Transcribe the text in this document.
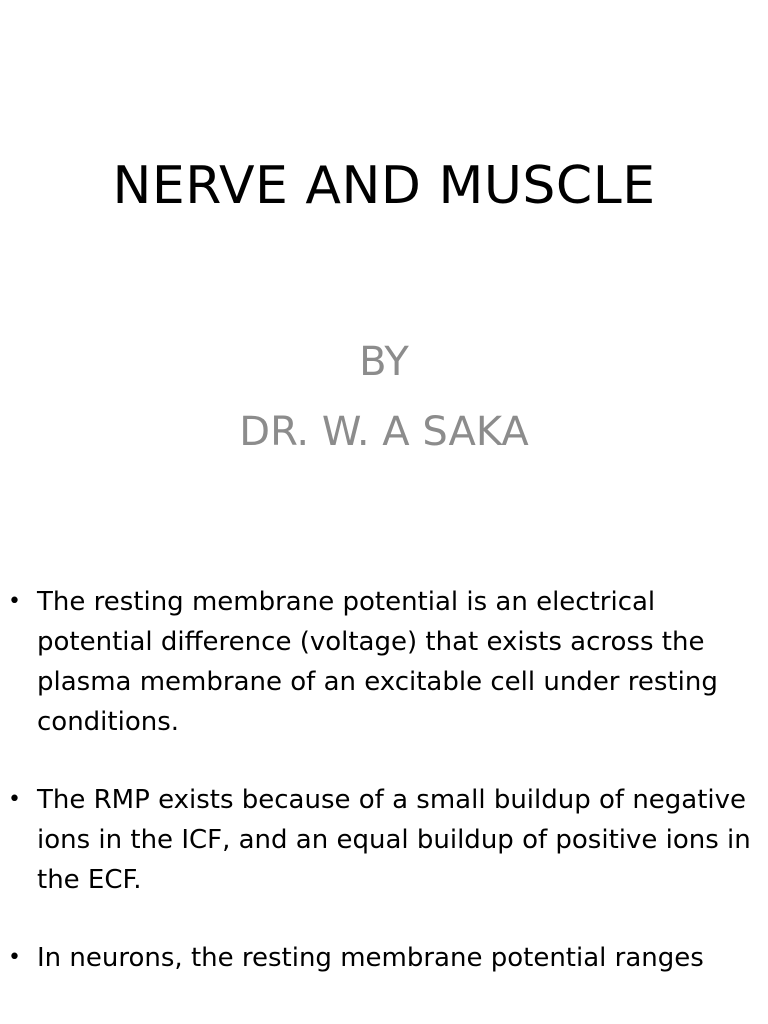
NERVE AND MUSCLE
BY
DR. W. A SAKA
• The resting membrane potential is an electrical potential difference (voltage) that exists across the plasma membrane of an excitable cell under resting conditions.
• The RMP exists because of a small buildup of negative ions in the ICF, and an equal buildup of positive ions in the ECF.
• In neurons, the resting membrane potential ranges
